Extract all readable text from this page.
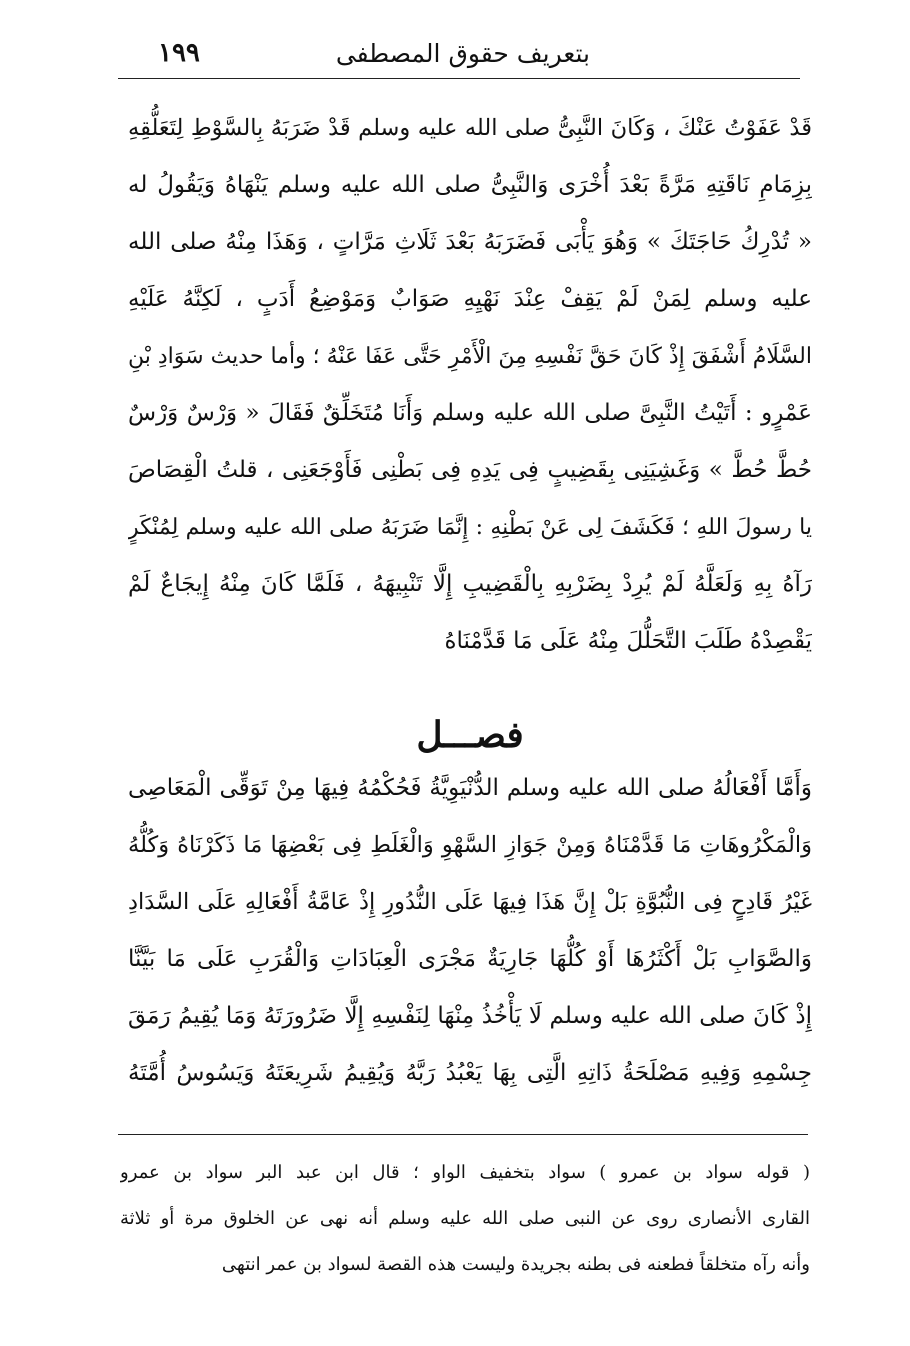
بتعريف حقوق المصطفى
١٩٩
قَدْ عَفَوْتُ عَنْكَ ، وَكَانَ النَّبِىُّ صلى الله عليه وسلم قَدْ ضَرَبَهُ بِالسَّوْطِ لِتَعَلُّقِهِ
بِزِمَامِ نَاقَتِهِ مَرَّةً بَعْدَ أُخْرَى وَالنَّبِىُّ صلى الله عليه وسلم يَنْهَاهُ وَيَقُولُ له
« تُدْرِكُ حَاجَتَكَ » وَهُوَ يَأْبَى فَضَرَبَهُ بَعْدَ ثَلَاثِ مَرَّاتٍ ، وَهَذَا مِنْهُ صلى الله
عليه وسلم لِمَنْ لَمْ يَقِفْ عِنْدَ نَهْيِهِ صَوَابٌ وَمَوْضِعُ أَدَبٍ ، لَكِنَّهُ عَلَيْهِ
السَّلَامُ أَشْفَقَ إِذْ كَانَ حَقَّ نَفْسِهِ مِنَ الْأَمْرِ حَتَّى عَفَا عَنْهُ ؛ وأما حديث سَوَادِ بْنِ
عَمْرٍو : أَتَيْتُ النَّبِىَّ صلى الله عليه وسلم وَأَنَا مُتَخَلِّقٌ فَقَالَ « وَرْسٌ وَرْسٌ
حُطَّ حُطَّ » وَغَشِيَنِى بِقَضِيبٍ فِى يَدِهِ فِى بَطْنِى فَأَوْجَعَنِى ، قلتُ الْقِصَاصَ
يا رسولَ اللهِ ؛ فَكَشَفَ لِى عَنْ بَطْنِهِ : إِنَّمَا ضَرَبَهُ صلى الله عليه وسلم لِمُنْكَرٍ
رَآهُ بِهِ وَلَعَلَّهُ لَمْ يُرِدْ بِضَرْبِهِ بِالْقَضِيبِ إِلَّا تَنْبِيهَهُ ، فَلَمَّا كَانَ مِنْهُ إِيجَاعٌ لَمْ
يَقْصِدْهُ طَلَبَ التَّحَلُّلَ مِنْهُ عَلَى مَا قَدَّمْنَاهُ
فصـــل
وَأَمَّا أَفْعَالُهُ صلى الله عليه وسلم الدُّنْيَوِيَّةُ فَحُكْمُهُ فِيهَا مِنْ تَوَقِّى الْمَعَاصِى
وَالْمَكْرُوهَاتِ مَا قَدَّمْنَاهُ وَمِنْ جَوَازِ السَّهْوِ وَالْغَلَطِ فِى بَعْضِهَا مَا ذَكَرْنَاهُ وَكُلُّهُ
غَيْرُ قَادِحٍ فِى النُّبُوَّةِ بَلْ إِنَّ هَذَا فِيهَا عَلَى النُّدُورِ إِذْ عَامَّةُ أَفْعَالِهِ عَلَى السَّدَادِ
وَالصَّوَابِ بَلْ أَكْثَرُهَا أَوْ كُلُّهَا جَارِيَةٌ مَجْرَى الْعِبَادَاتِ وَالْقُرَبِ عَلَى مَا بَيَّنَّا
إِذْ كَانَ صلى الله عليه وسلم لَا يَأْخُذُ مِنْهَا لِنَفْسِهِ إِلَّا ضَرُورَتَهُ وَمَا يُقِيمُ رَمَقَ
جِسْمِهِ وَفِيهِ مَصْلَحَةُ ذَاتِهِ الَّتِى بِهَا يَعْبُدُ رَبَّهُ وَيُقِيمُ شَرِيعَتَهُ وَيَسُوسُ أُمَّتَهُ
( قوله سواد بن عمرو ) سواد بتخفيف الواو ؛ قال ابن عبد البر سواد بن عمرو
القارى الأنصارى روى عن النبى صلى الله عليه وسلم أنه نهى عن الخلوق مرة أو ثلاثة
وأنه رآه متخلقاً فطعنه فى بطنه بجريدة وليست هذه القصة لسواد بن عمر انتهى
